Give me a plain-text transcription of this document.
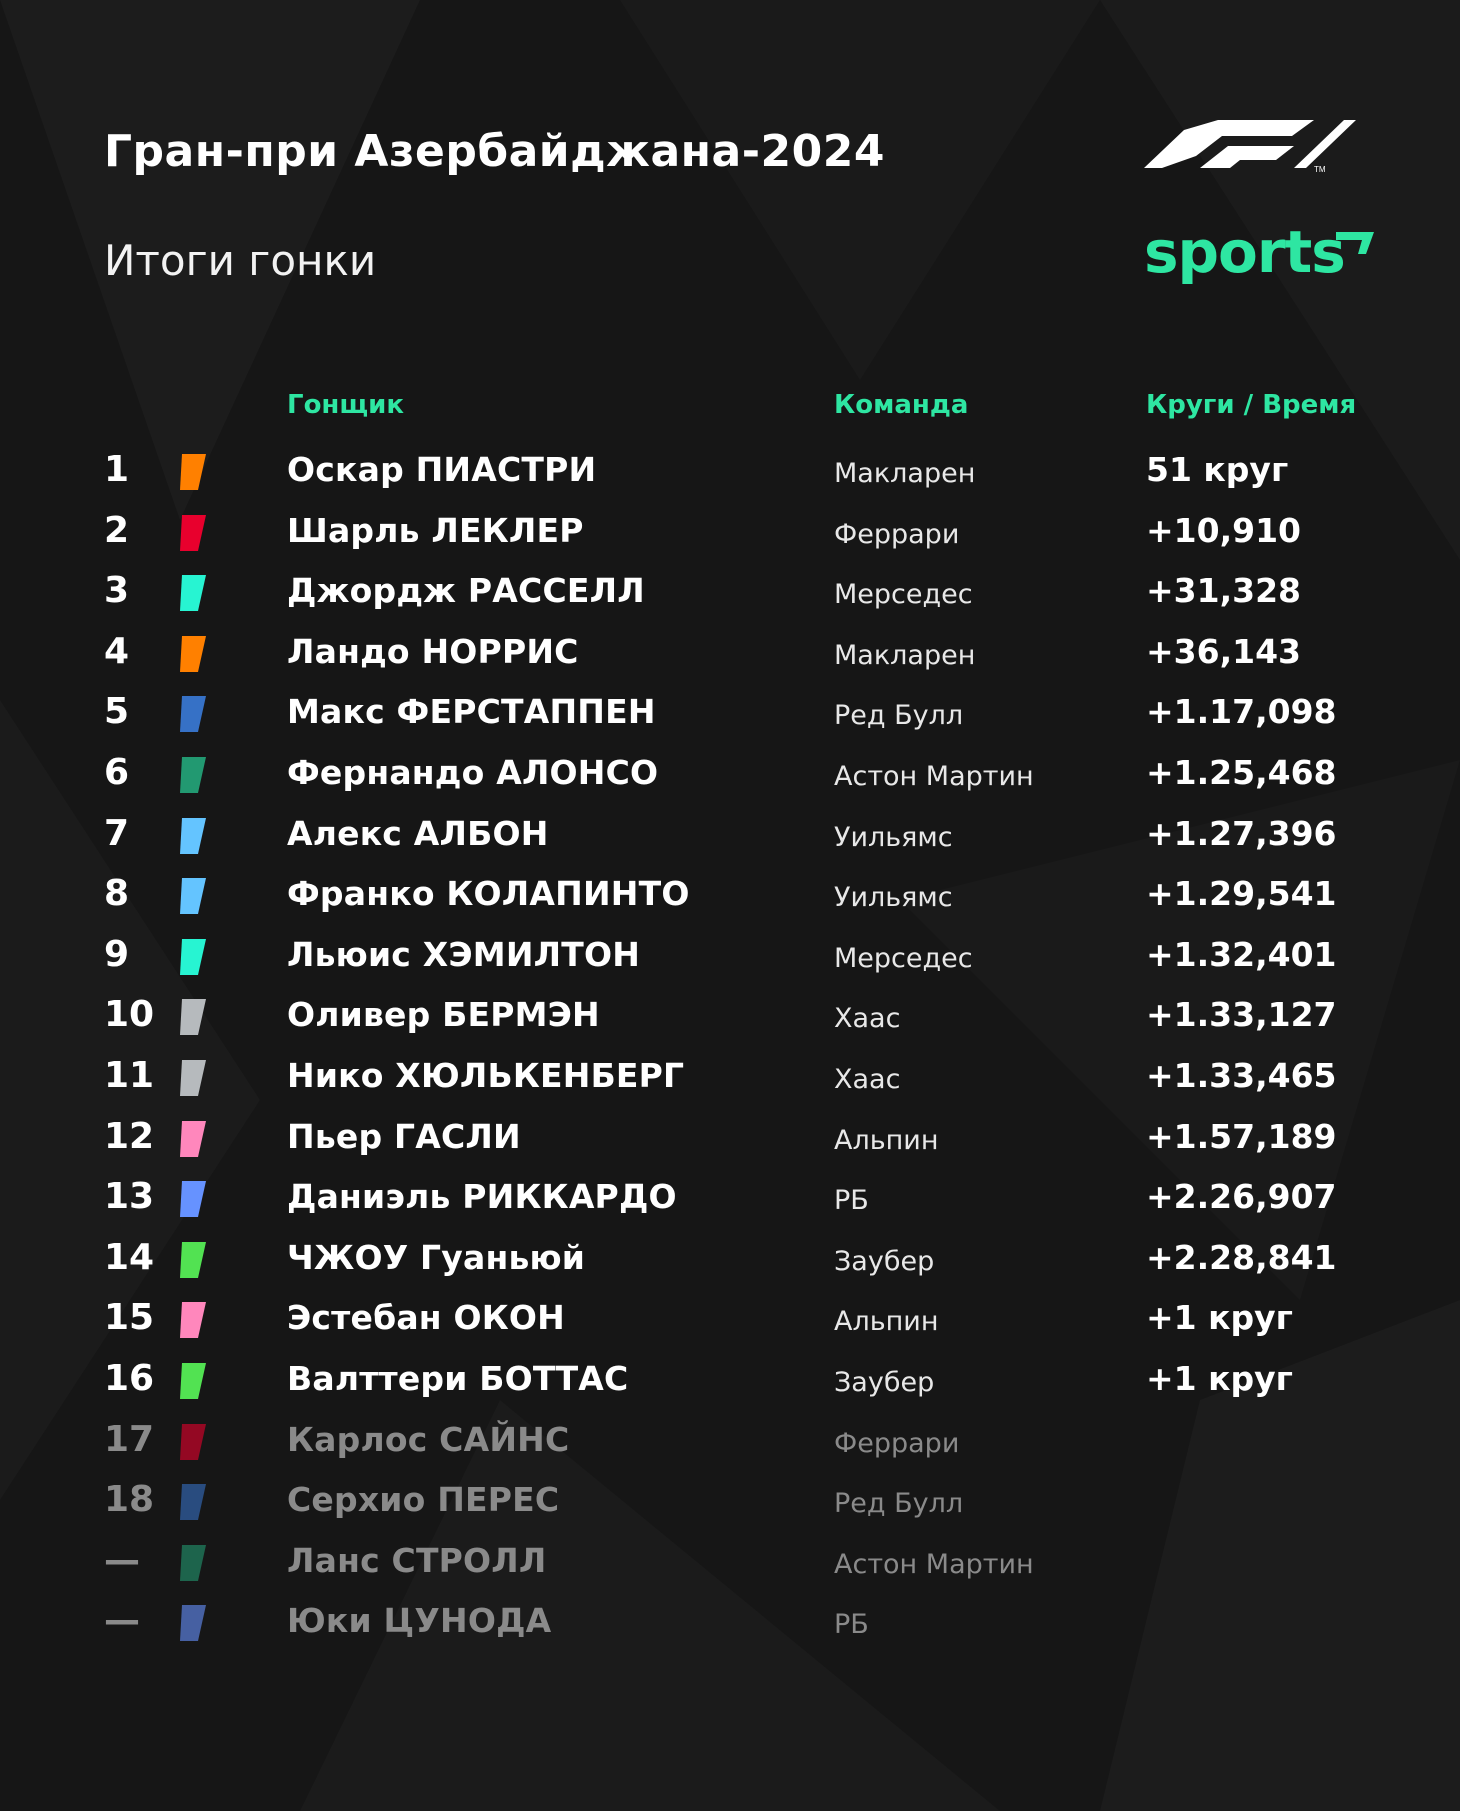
Гран-при Азербайджана-2024
Итоги гонки
TM
sports
Гонщик	Команда	Круги / Время
1	Оскар ПИАСТРИ	Макларен	51 круг
2	Шарль ЛЕКЛЕР	Феррари	+10,910
3	Джордж РАССЕЛЛ	Мерседес	+31,328
4	Ландо НОРРИС	Макларен	+36,143
5	Макс ФЕРСТАППЕН	Ред Булл	+1.17,098
6	Фернандо АЛОНСО	Астон Мартин	+1.25,468
7	Алекс АЛБОН	Уильямс	+1.27,396
8	Франко КОЛАПИНТО	Уильямс	+1.29,541
9	Льюис ХЭМИЛТОН	Мерседес	+1.32,401
10	Оливер БЕРМЭН	Хаас	+1.33,127
11	Нико ХЮЛЬКЕНБЕРГ	Хаас	+1.33,465
12	Пьер ГАСЛИ	Альпин	+1.57,189
13	Даниэль РИККАРДО	РБ	+2.26,907
14	ЧЖОУ Гуаньюй	Заубер	+2.28,841
15	Эстебан ОКОН	Альпин	+1 круг
16	Валттери БОТТАС	Заубер	+1 круг
17	Карлос САЙНС	Феррари
18	Серхио ПЕРЕС	Ред Булл
—	Ланс СТРОЛЛ	Астон Мартин
—	Юки ЦУНОДА	РБ
